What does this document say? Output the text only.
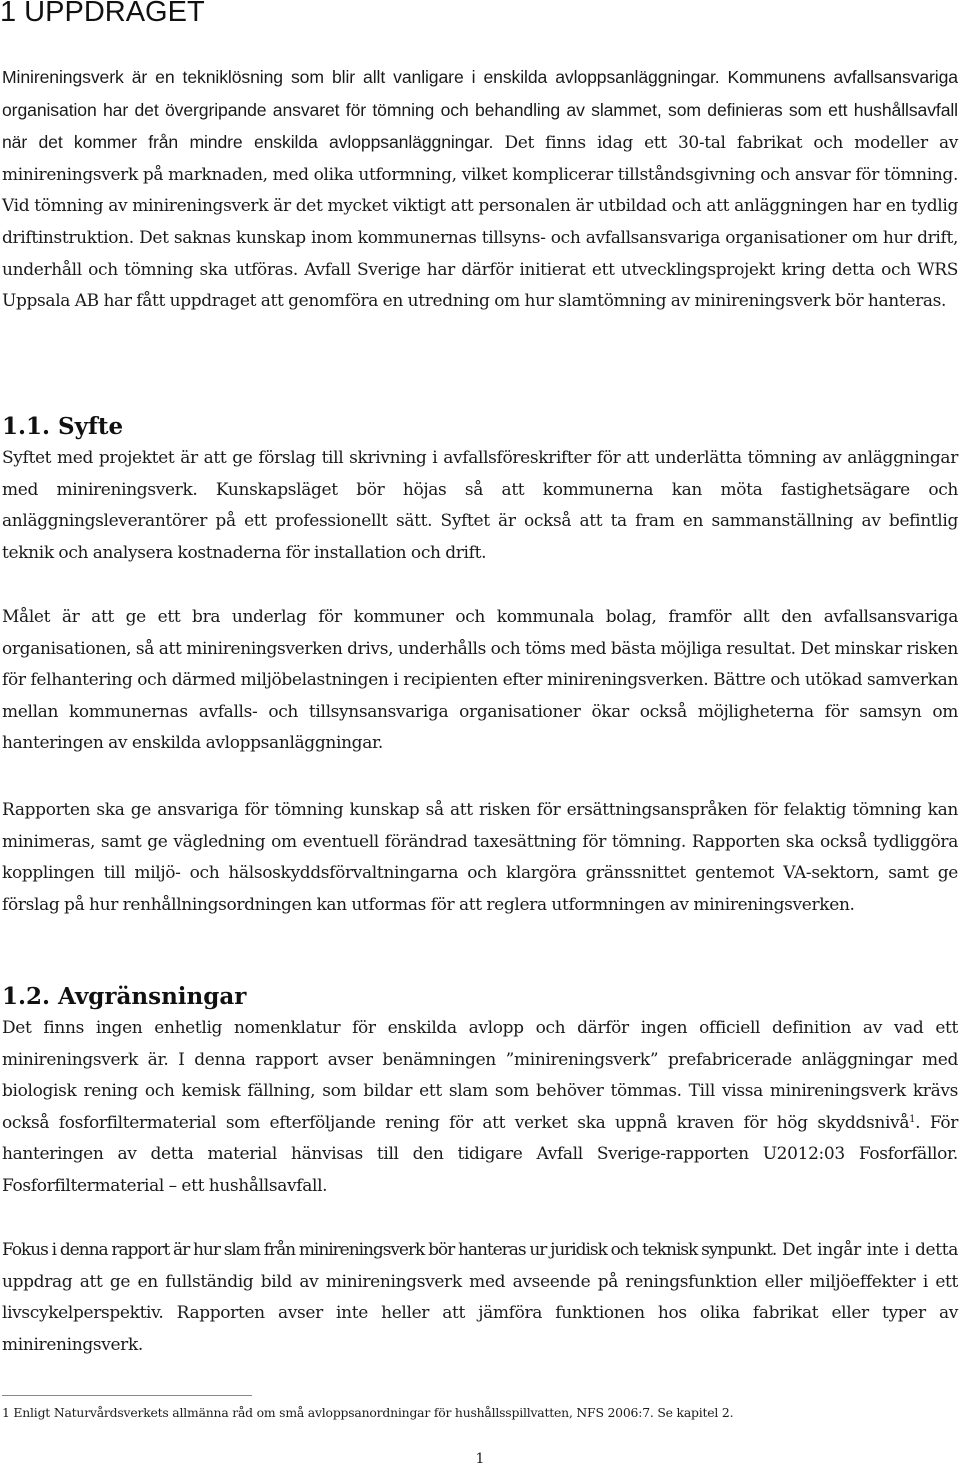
1 UPPDRAGET

Minireningsverk är en tekniklösning som blir allt vanligare i enskilda avloppsanläggningar. Kommunens avfallsansvariga organisation har det övergripande ansvaret för tömning och behandling av slammet, som definieras som ett hushållsavfall när det kommer från mindre enskilda avloppsanläggningar. Det finns idag ett 30-tal fabrikat och modeller av minireningsverk på marknaden, med olika utformning, vilket komplicerar tillståndsgivning och ansvar för tömning. Vid tömning av minireningsverk är det mycket viktigt att personalen är utbildad och att anläggningen har en tydlig driftinstruktion. Det saknas kunskap inom kommunernas tillsyns- och avfallsansvariga organisationer om hur drift, underhåll och tömning ska utföras. Avfall Sverige har därför initierat ett utvecklingsprojekt kring detta och WRS Uppsala AB har fått uppdraget att genomföra en utredning om hur slamtömning av minireningsverk bör hanteras.

1.1. Syfte

Syftet med projektet är att ge förslag till skrivning i avfallsföreskrifter för att underlätta tömning av anläggningar med minireningsverk. Kunskapsläget bör höjas så att kommunerna kan möta fastighetsägare och anläggningsleverantörer på ett professionellt sätt. Syftet är också att ta fram en sammanställning av befintlig teknik och analysera kostnaderna för installation och drift.

Målet är att ge ett bra underlag för kommuner och kommunala bolag, framför allt den avfallsansvariga organisationen, så att minireningsverken drivs, underhålls och töms med bästa möjliga resultat. Det minskar risken för felhantering och därmed miljöbelastningen i recipienten efter minireningsverken. Bättre och utökad samverkan mellan kommunernas avfalls- och tillsynsansvariga organisationer ökar också möjligheterna för samsyn om hanteringen av enskilda avloppsanläggningar.

Rapporten ska ge ansvariga för tömning kunskap så att risken för ersättningsanspråken för felaktig tömning kan minimeras, samt ge vägledning om eventuell förändrad taxesättning för tömning. Rapporten ska också tydliggöra kopplingen till miljö- och hälsoskyddsförvaltningarna och klargöra gränssnittet gentemot VA-sektorn, samt ge förslag på hur renhållningsordningen kan utformas för att reglera utformningen av minireningsverken.

1.2. Avgränsningar

Det finns ingen enhetlig nomenklatur för enskilda avlopp och därför ingen officiell definition av vad ett minireningsverk är. I denna rapport avser benämningen ”minireningsverk” prefabricerade anläggningar med biologisk rening och kemisk fällning, som bildar ett slam som behöver tömmas. Till vissa minireningsverk krävs också fosforfiltermaterial som efterföljande rening för att verket ska uppnå kraven för hög skyddsnivå$^1$. För hanteringen av detta material hänvisas till den tidigare Avfall Sverige-rapporten U2012:03 Fosforfällor. Fosforfiltermaterial – ett hushållsavfall.

Fokus i denna rapport är hur slam från minireningsverk bör hanteras ur juridisk och teknisk synpunkt. Det ingår inte i detta uppdrag att ge en fullständig bild av minireningsverk med avseende på reningsfunktion eller miljöeffekter i ett livscykelperspektiv. Rapporten avser inte heller att jämföra funktionen hos olika fabrikat eller typer av minireningsverk.

1 Enligt Naturvårdsverkets allmänna råd om små avloppsanordningar för hushållsspillvatten, NFS 2006:7. Se kapitel 2.

1
